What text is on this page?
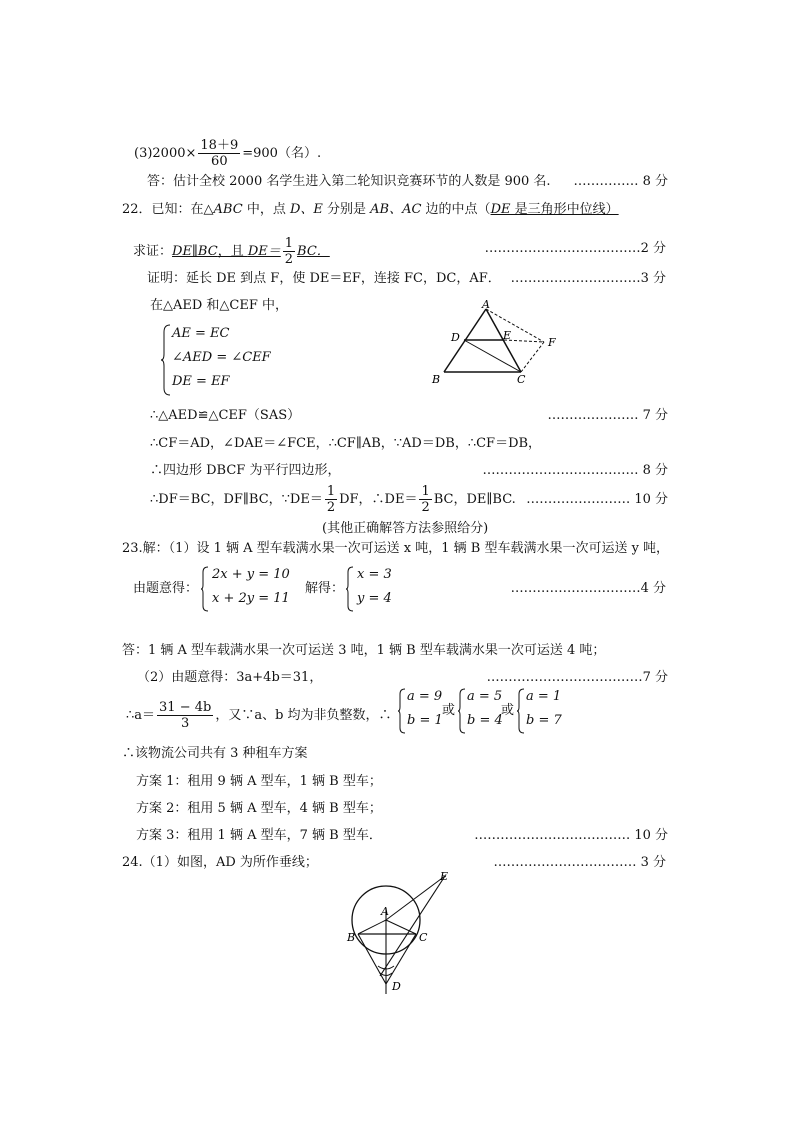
$(3)2000\times \frac{18+9}{60} =900$（名）.
答：估计全校 2000 名学生进入第二轮知识竞赛环节的人数是 900 名. …………… 8 分
22．已知：在△ABC 中，点 D、E 分别是 AB、AC 边的中点（DE 是三角形中位线）
求证：DE∥BC，且 $DE= \frac{1}{2}$ BC．	………………………………2 分
证明：延长 DE 到点 F，使 DE＝EF，连接 FC，DC，AF． …………………………3 分
在△AED 和△CEF 中，
AE = EC
∠AED = ∠CEF
DE = EF
A
D	E
F
B	C
∴△AED≌△CEF（SAS）	………………… 7 分
∴CF＝AD，∠DAE＝∠FCE，∴CF∥AB，∵AD＝DB，∴CF＝DB，
∴四边形 DBCF 为平行四边形，	……………………………… 8 分
∴DF＝BC，DF∥BC，∵DE＝ $\frac{1}{2}$ DF，∴DE＝ $\frac{1}{2}$ BC，DE∥BC. …………………… 10 分
(其他正确解答方法参照给分)
23.解：（1）设 1 辆 A 型车载满水果一次可运送 x 吨，1 辆 B 型车载满水果一次可运送 y 吨，
由题意得：
2x + y = 10
x + 2y = 11
解得：
x = 3
y = 4
…………………………4 分
答：1 辆 A 型车载满水果一次可运送 3 吨，1 辆 B 型车载满水果一次可运送 4 吨；
（2）由题意得：3a+4b＝31，	………………………………7 分
∴a＝ $\frac{31 - 4b}{3}$ ，又∵a、b 均为非负整数，∴
a = 9
b = 1
或
a = 5
b = 4
或
a = 1
b = 7
∴该物流公司共有 3 种租车方案
方案 1：租用 9 辆 A 型车，1 辆 B 型车；
方案 2：租用 5 辆 A 型车，4 辆 B 型车；
方案 3：租用 1 辆 A 型车，7 辆 B 型车．	……………………………… 10 分
24.（1）如图，AD 为所作垂线；	…………………………… 3 分
E
A
B	C
D
